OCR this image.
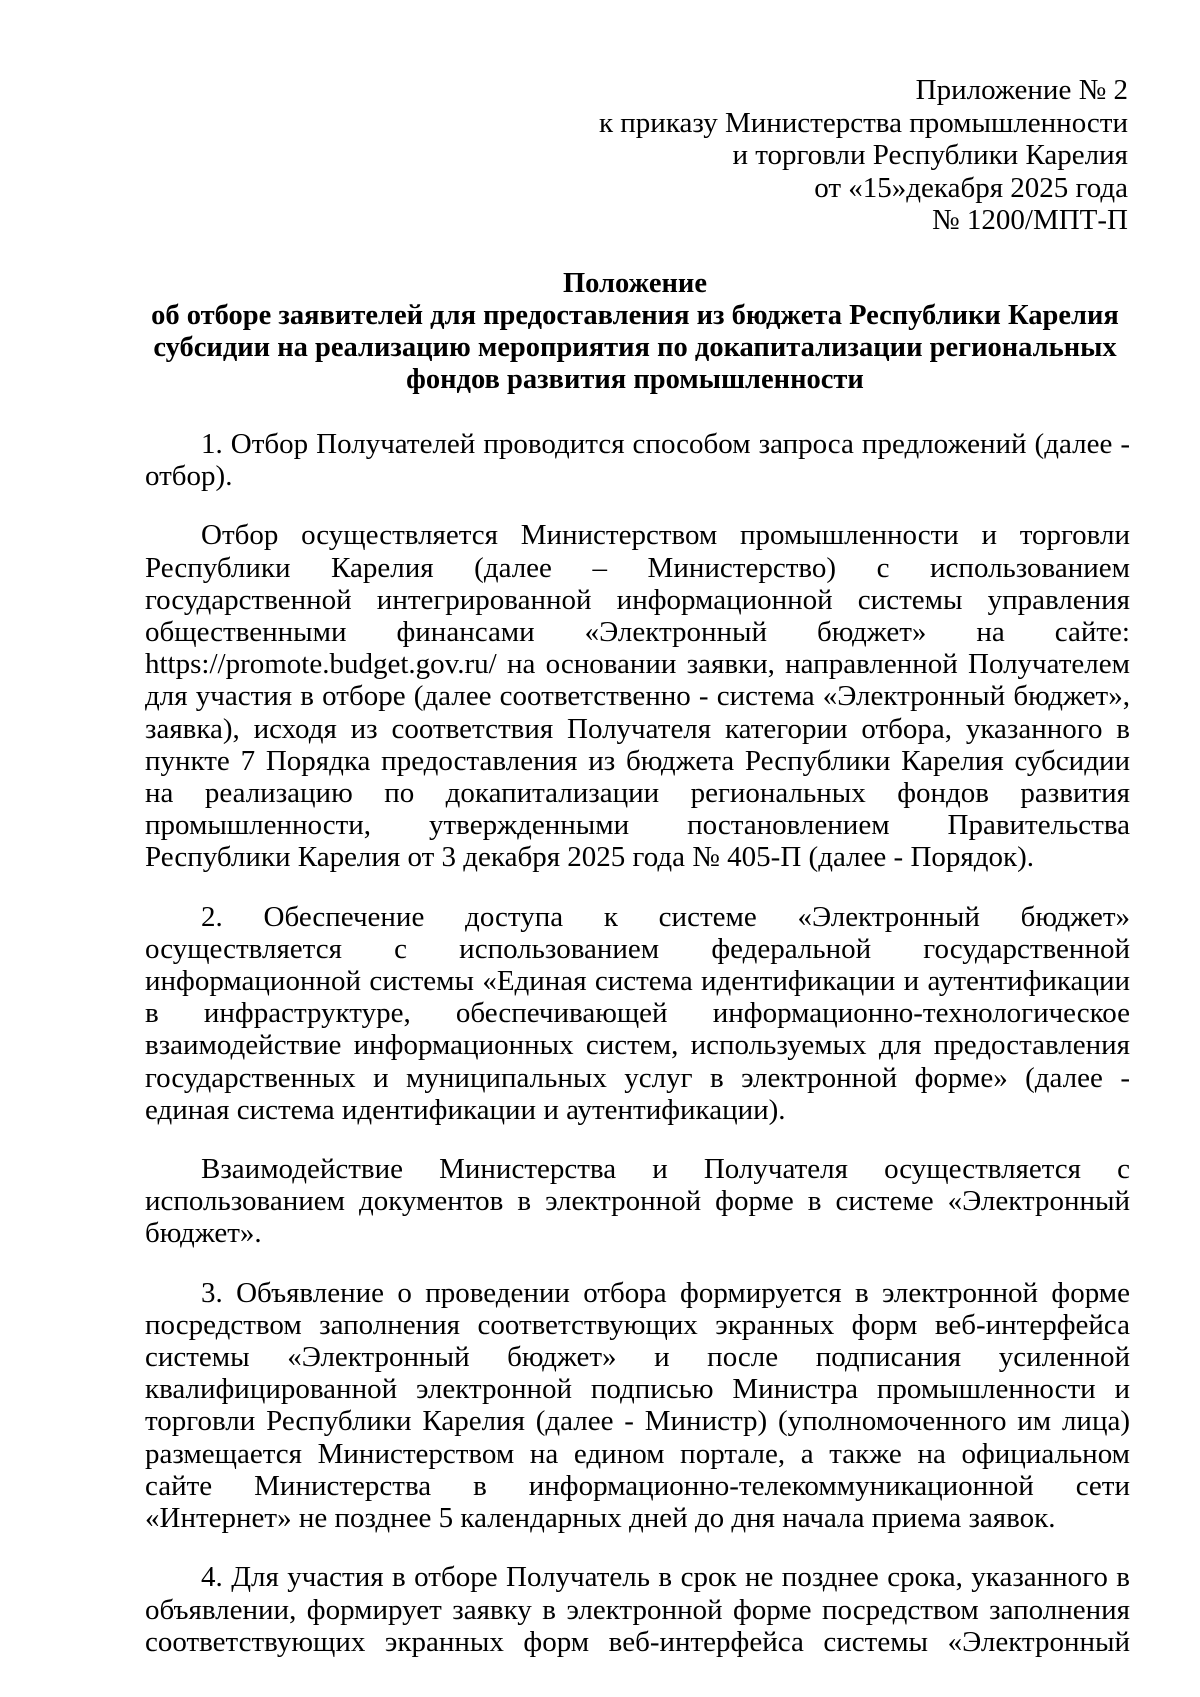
Приложение № 2
к приказу Министерства промышленности
и торговли Республики Карелия
от «15»декабря 2025 года
№ 1200/МПТ-П
Положение
об отборе заявителей для предоставления из бюджета Республики Карелия
субсидии на реализацию мероприятия по докапитализации региональных
фондов развития промышленности

1. Отбор Получателей проводится способом запроса предложений (далее - отбор).

Отбор осуществляется Министерством промышленности и торговли Республики Карелия (далее – Министерство) с использованием государственной интегрированной информационной системы управления общественными финансами «Электронный бюджет» на сайте: https://promote.budget.gov.ru/ на основании заявки, направленной Получателем для участия в отборе (далее соответственно - система «Электронный бюджет», заявка), исходя из соответствия Получателя категории отбора, указанного в пункте 7 Порядка предоставления из бюджета Республики Карелия субсидии на реализацию по докапитализации региональных фондов развития промышленности, утвержденными постановлением Правительства Республики Карелия от 3 декабря 2025 года № 405-П (далее - Порядок).

2. Обеспечение доступа к системе «Электронный бюджет» осуществляется с использованием федеральной государственной информационной системы «Единая система идентификации и аутентификации в инфраструктуре, обеспечивающей информационно-технологическое взаимодействие информационных систем, используемых для предоставления государственных и муниципальных услуг в электронной форме» (далее - единая система идентификации и аутентификации).

Взаимодействие Министерства и Получателя осуществляется с использованием документов в электронной форме в системе «Электронный бюджет».

3. Объявление о проведении отбора формируется в электронной форме посредством заполнения соответствующих экранных форм веб-интерфейса системы «Электронный бюджет» и после подписания усиленной квалифицированной электронной подписью Министра промышленности и торговли Республики Карелия (далее - Министр) (уполномоченного им лица) размещается Министерством на едином портале, а также на официальном сайте Министерства в информационно-телекоммуникационной сети «Интернет» не позднее 5 календарных дней до дня начала приема заявок.

4. Для участия в отборе Получатель в срок не позднее срока, указанного в объявлении, формирует заявку в электронной форме посредством заполнения соответствующих экранных форм веб-интерфейса системы «Электронный
